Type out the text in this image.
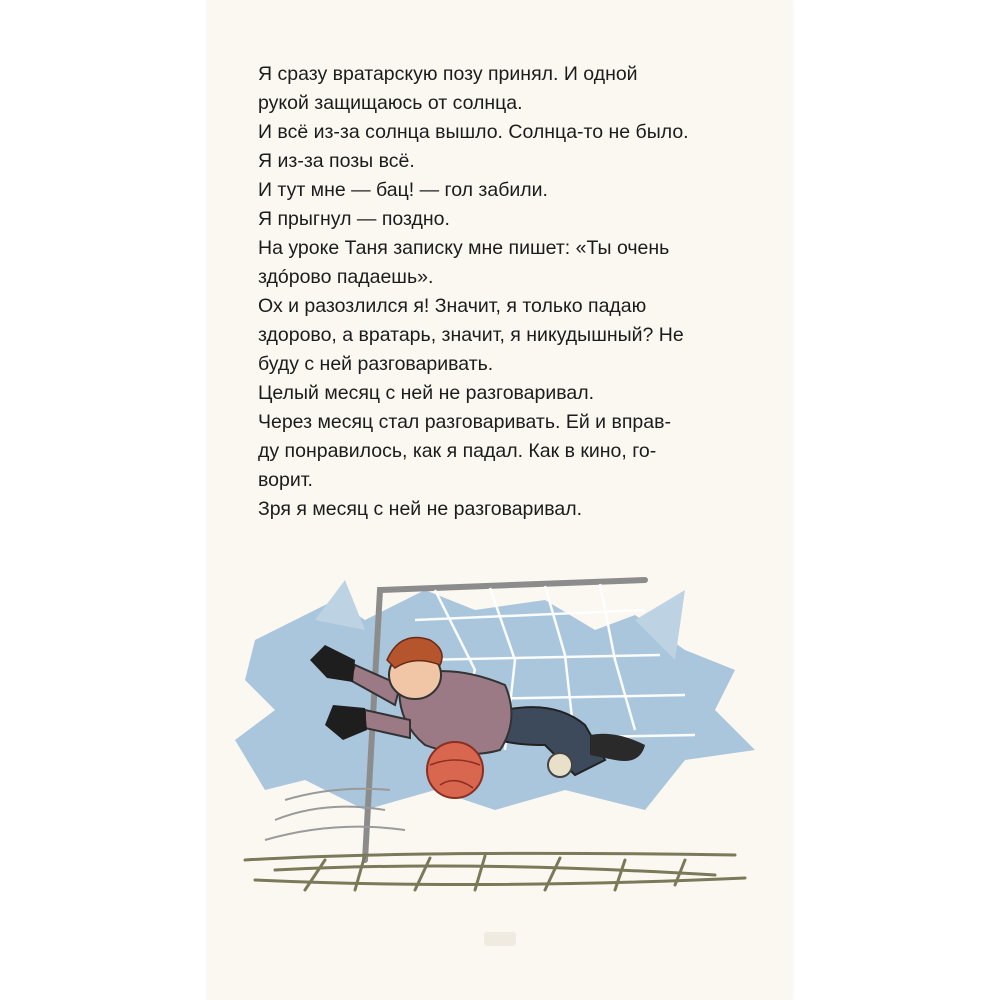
Я сразу вратарскую позу принял. И одной

рукой защищаюсь от солнца.

И всё из-за солнца вышло. Солнца-то не было.

Я из-за позы всё.

И тут мне — бац! — гол забили.

Я прыгнул — поздно.

На уроке Таня записку мне пишет: «Ты очень

здóрово падаешь».

Ох и разозлился я! Значит, я только падаю

здорово, а вратарь, значит, я никудышный? Не

буду с ней разговаривать.

Целый месяц с ней не разговаривал.

Через месяц стал разговаривать. Ей и вправ-

ду понравилось, как я падал. Как в кино, го-

ворит.

Зря я месяц с ней не разговаривал.
